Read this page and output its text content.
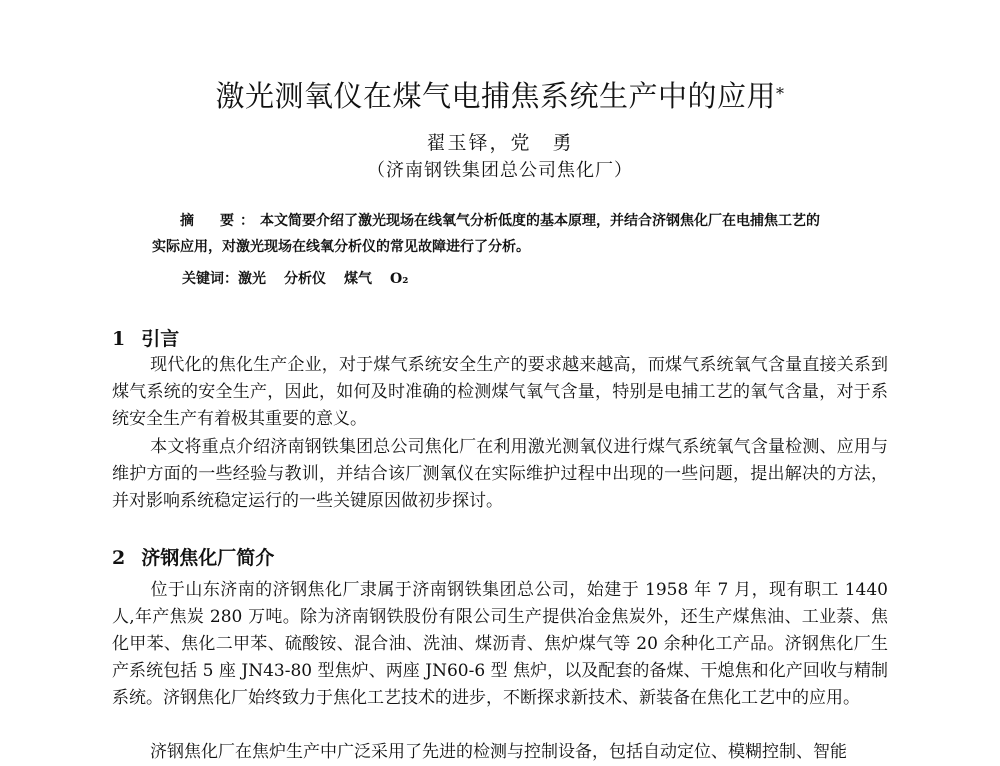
激光测氧仪在煤气电捕焦系统生产中的应用*
翟玉铎，党　勇
（济南钢铁集团总公司焦化厂）
摘　要：本文简要介绍了激光现场在线氧气分析低度的基本原理，并结合济钢焦化厂在电捕焦工艺的
实际应用，对激光现场在线氧分析仪的常见故障进行了分析。
关键词：激光 分析仪 煤气 O₂
1 引言
现代化的焦化生产企业，对于煤气系统安全生产的要求越来越高，而煤气系统氧气含量直接关系到煤气系统的安全生产，因此，如何及时准确的检测煤气氧气含量，特别是电捕工艺的氧气含量，对于系统安全生产有着极其重要的意义。
本文将重点介绍济南钢铁集团总公司焦化厂在利用激光测氧仪进行煤气系统氧气含量检测、应用与维护方面的一些经验与教训，并结合该厂测氧仪在实际维护过程中出现的一些问题，提出解决的方法，并对影响系统稳定运行的一些关键原因做初步探讨。
2 济钢焦化厂简介
位于山东济南的济钢焦化厂隶属于济南钢铁集团总公司，始建于 1958 年 7 月，现有职工 1440 人,年产焦炭 280 万吨。除为济南钢铁股份有限公司生产提供冶金焦炭外，还生产煤焦油、工业萘、焦化甲苯、焦化二甲苯、硫酸铵、混合油、洗油、煤沥青、焦炉煤气等 20 余种化工产品。济钢焦化厂生产系统包括 5 座 JN43-80 型焦炉、两座 JN60-6 型 焦炉，以及配套的备煤、干熄焦和化产回收与精制系统。济钢焦化厂始终致力于焦化工艺技术的进步，不断探求新技术、新装备在焦化工艺中的应用。
济钢焦化厂在焦炉生产中广泛采用了先进的检测与控制设备，包括自动定位、模糊控制、智能
